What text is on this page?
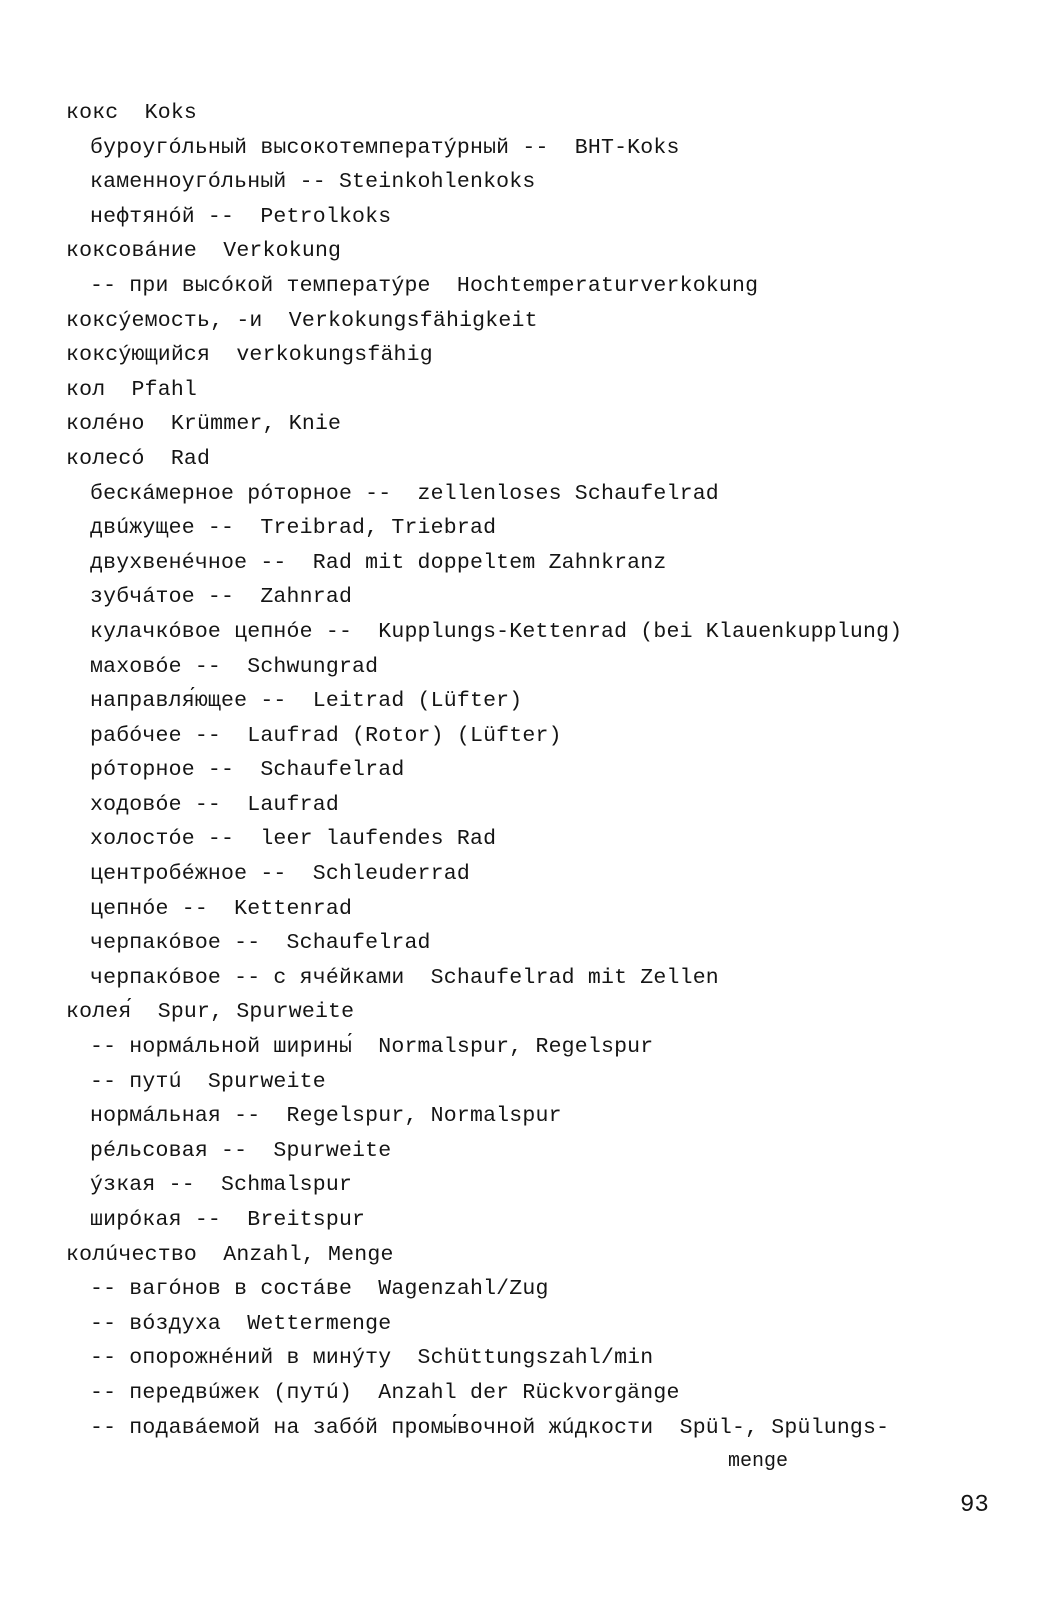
кокс  Koks
буроугóльный высокотемператýрный --  BHT-Koks
каменноугóльный -- Steinkohlenkoks
нефтянóй --  Petrolkoks
коксовáние  Verkokung
-- при высóкой температýре  Hochtemperaturverkokung
коксýемость, -и  Verkokungsfähigkeit
коксýющийся  verkokungsfähig
кол  Pfahl
колéно  Krümmer, Knie
колесó  Rad
бескáмерное рóторное --  zellenloses Schaufelrad
двúжущее --  Treibrad, Triebrad
двухвенéчное --  Rad mit doppeltem Zahnkranz
зубчáтое --  Zahnrad
кулачкóвое цепнóе --  Kupplungs-Kettenrad (bei Klauenkupplung)
маховóе --  Schwungrad
направля́ющее --  Leitrad (Lüfter)
рабóчее --  Laufrad (Rotor) (Lüfter)
рóторное --  Schaufelrad
ходовóе --  Laufrad
холостóе --  leer laufendes Rad
центробéжное --  Schleuderrad
цепнóе --  Kettenrad
черпакóвое --  Schaufelrad
черпакóвое -- с ячéйками  Schaufelrad mit Zellen
колея́  Spur, Spurweite
-- нормáльной ширины́  Normalspur, Regelspur
-- путú  Spurweite
нормáльная --  Regelspur, Normalspur
рéльсовая --  Spurweite
ýзкая --  Schmalspur
ширóкая --  Breitspur
колúчество  Anzahl, Menge
-- вагóнов в состáве  Wagenzahl/Zug
-- вóздуха  Wettermenge
-- опорожнéний в минýту  Schüttungszahl/min
-- передвúжек (путú)  Anzahl der Rückvorgänge
-- подавáемой на забóй промы́вочной жúдкости  Spül-, Spülungs-
menge
93
